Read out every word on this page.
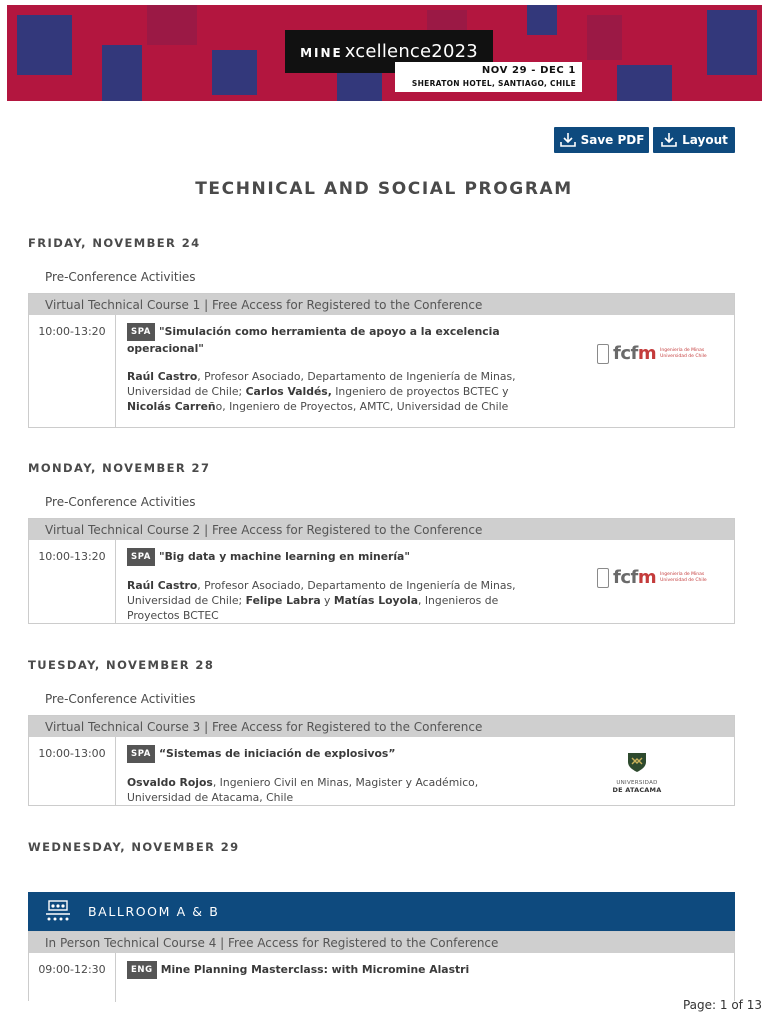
MINE xcellence2023
NOV 29 - DEC 1
SHERATON HOTEL, SANTIAGO, CHILE
Save PDF	Layout
TECHNICAL AND SOCIAL PROGRAM
FRIDAY, NOVEMBER 24
Pre-Conference Activities
Virtual Technical Course 1 | Free Access for Registered to the Conference
10:00-13:20	SPA "Simulación como herramienta de apoyo a la excelencia operacional"
Raúl Castro, Profesor Asociado, Departamento de Ingeniería de Minas, Universidad de Chile; Carlos Valdés, Ingeniero de proyectos BCTEC y Nicolás Carreño, Ingeniero de Proyectos, AMTC, Universidad de Chile
fcfm Ingeniería de Minas
Universidad de Chile
MONDAY, NOVEMBER 27
Pre-Conference Activities
Virtual Technical Course 2 | Free Access for Registered to the Conference
10:00-13:20	SPA "Big data y machine learning en minería"
Raúl Castro, Profesor Asociado, Departamento de Ingeniería de Minas, Universidad de Chile; Felipe Labra y Matías Loyola, Ingenieros de Proyectos BCTEC
fcfm Ingeniería de Minas
Universidad de Chile
TUESDAY, NOVEMBER 28
Pre-Conference Activities
Virtual Technical Course 3 | Free Access for Registered to the Conference
10:00-13:00	SPA “Sistemas de iniciación de explosivos”
Osvaldo Rojos, Ingeniero Civil en Minas, Magister y Académico, Universidad de Atacama, Chile
UNIVERSIDAD
DE ATACAMA
WEDNESDAY, NOVEMBER 29
BALLROOM A & B
In Person Technical Course 4 | Free Access for Registered to the Conference
09:00-12:30	ENG Mine Planning Masterclass: with Micromine Alastri
Page: 1 of 13
